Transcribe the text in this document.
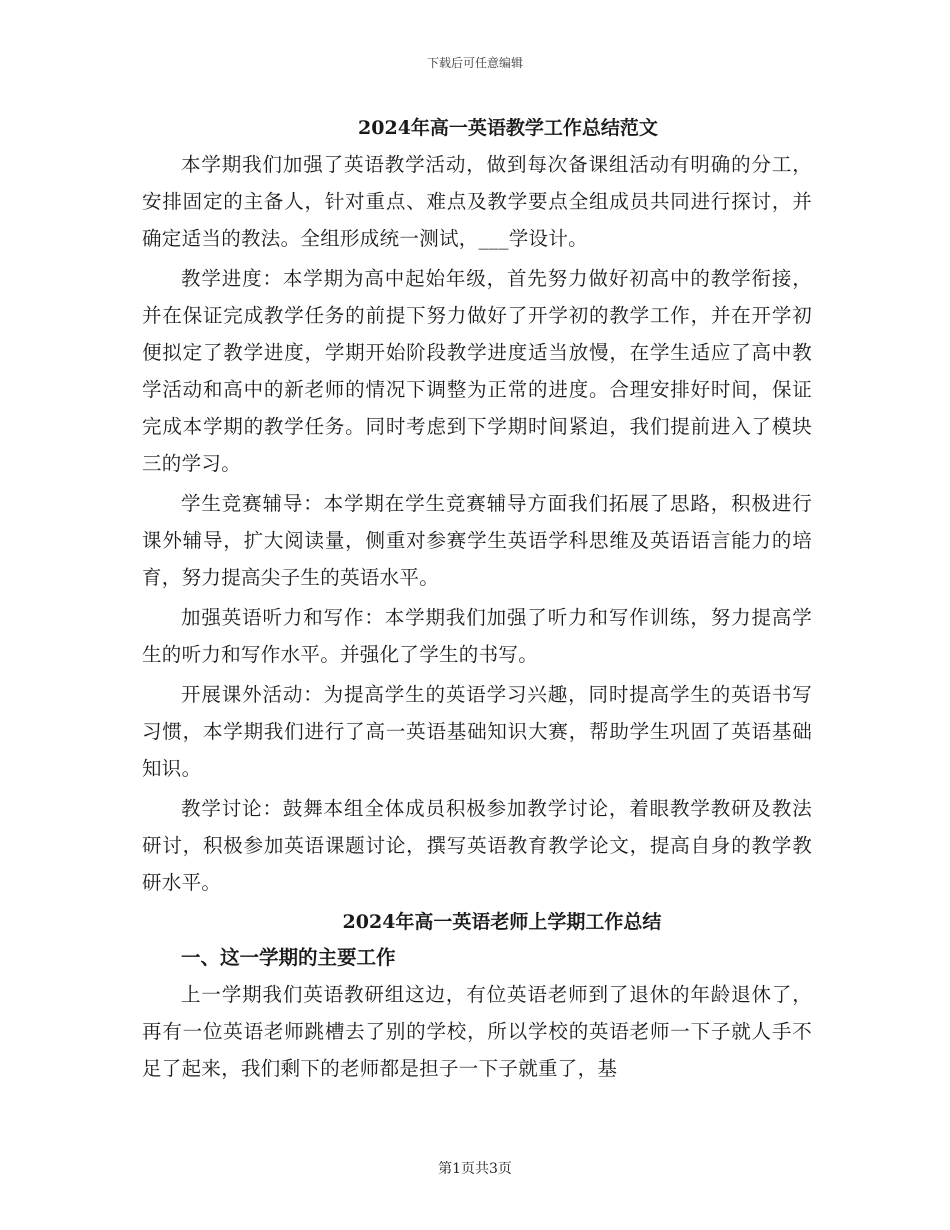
下载后可任意编辑
2024年高一英语教学工作总结范文

本学期我们加强了英语教学活动，做到每次备课组活动有明确的分工，安排固定的主备人，针对重点、难点及教学要点全组成员共同进行探讨，并确定适当的教法。全组形成统一测试，___学设计。

教学进度：本学期为高中起始年级，首先努力做好初高中的教学衔接，并在保证完成教学任务的前提下努力做好了开学初的教学工作，并在开学初便拟定了教学进度，学期开始阶段教学进度适当放慢，在学生适应了高中教学活动和高中的新老师的情况下调整为正常的进度。合理安排好时间，保证完成本学期的教学任务。同时考虑到下学期时间紧迫，我们提前进入了模块三的学习。

学生竞赛辅导：本学期在学生竞赛辅导方面我们拓展了思路，积极进行课外辅导，扩大阅读量，侧重对参赛学生英语学科思维及英语语言能力的培育，努力提高尖子生的英语水平。

加强英语听力和写作：本学期我们加强了听力和写作训练，努力提高学生的听力和写作水平。并强化了学生的书写。

开展课外活动：为提高学生的英语学习兴趣，同时提高学生的英语书写习惯，本学期我们进行了高一英语基础知识大赛，帮助学生巩固了英语基础知识。

教学讨论：鼓舞本组全体成员积极参加教学讨论，着眼教学教研及教法研讨，积极参加英语课题讨论，撰写英语教育教学论文，提高自身的教学教研水平。

2024年高一英语老师上学期工作总结
一、这一学期的主要工作

上一学期我们英语教研组这边，有位英语老师到了退休的年龄退休了，再有一位英语老师跳槽去了别的学校，所以学校的英语老师一下子就人手不足了起来，我们剩下的老师都是担子一下子就重了，基

第1页共3页
